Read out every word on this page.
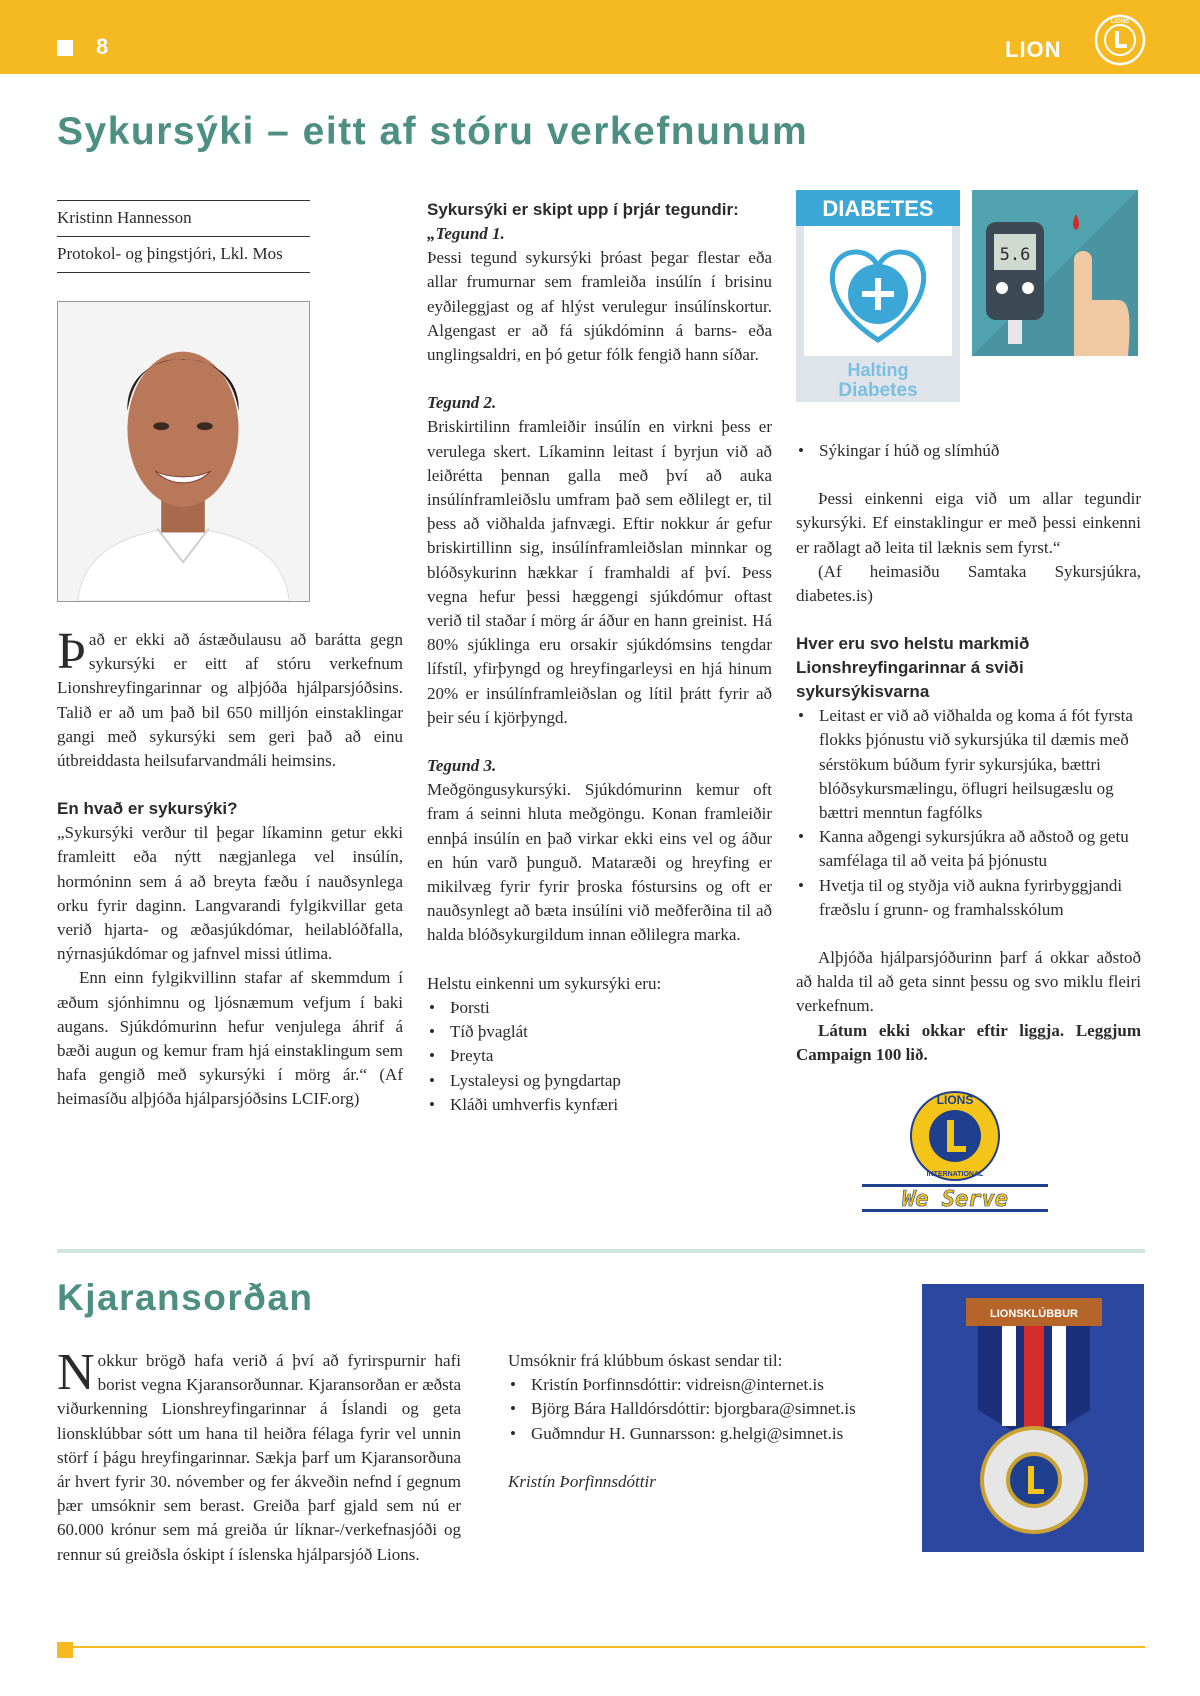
8	LION
LIONS
Sykursýki – eitt af stóru verkefnunum
Kristinn Hannesson
Protokol- og þingstjóri, Lkl. Mos

Það er ekki að ástæðulausu að barátta gegn sykursýki er eitt af stóru verkefnum Lionshreyfingarinnar og alþjóða hjálparsjóðsins. Talið er að um það bil 650 milljón einstaklingar gangi með sykursýki sem geri það að einu útbreiddasta heilsufarvandmáli heimsins.

En hvað er sykursýki?

„Sykursýki verður til þegar líkaminn getur ekki framleitt eða nýtt nægjanlega vel insúlín, hormóninn sem á að breyta fæðu í nauðsynlega orku fyrir daginn. Langvarandi fylgikvillar geta verið hjarta- og æðasjúkdómar, heilablóðfalla, nýrnasjúkdómar og jafnvel missi útlima.

Enn einn fylgikvillinn stafar af skemmdum í æðum sjónhimnu og ljósnæmum vefjum í baki augans. Sjúkdómurinn hefur venjulega áhrif á bæði augun og kemur fram hjá einstaklingum sem hafa gengið með sykursýki í mörg ár.“ (Af heimasíðu alþjóða hjálparsjóðsins LCIF.org)

Sykursýki er skipt upp í þrjár tegundir:

„Tegund 1.

Þessi tegund sykursýki þróast þegar flestar eða allar frumurnar sem framleiða insúlín í brisinu eyðileggjast og af hlýst verulegur insúlínskortur. Algengast er að fá sjúkdóminn á barns- eða unglingsaldri, en þó getur fólk fengið hann síðar.

Tegund 2.

Briskirtilinn framleiðir insúlín en virkni þess er verulega skert. Líkaminn leitast í byrjun við að leiðrétta þennan galla með því að auka insúlínframleiðslu umfram það sem eðlilegt er, til þess að viðhalda jafnvægi. Eftir nokkur ár gefur briskirtillinn sig, insúlínframleiðslan minnkar og blóðsykurinn hækkar í framhaldi af því. Þess vegna hefur þessi hæggengi sjúkdómur oftast verið til staðar í mörg ár áður en hann greinist. Há 80% sjúklinga eru orsakir sjúkdómsins tengdar lífstíl, yfirþyngd og hreyfingarleysi en hjá hinum 20% er insúlínframleiðslan og lítil þrátt fyrir að þeir séu í kjörþyngd.

Tegund 3.

Meðgöngusykursýki. Sjúkdómurinn kemur oft fram á seinni hluta meðgöngu. Konan framleiðir ennþá insúlín en það virkar ekki eins vel og áður en hún varð þunguð. Mataræði og hreyfing er mikilvæg fyrir fyrir þroska fóstursins og oft er nauðsynlegt að bæta insúlíni við meðferðina til að halda blóðsykurgildum innan eðlilegra marka.

Helstu einkenni um sykursýki eru:

• Þorsti
• Tíð þvaglát
• Þreyta
• Lystaleysi og þyngdartap
• Kláði umhverfis kynfæri
DIABETES
Halting
Diabetes
5.6
• Sýkingar í húð og slímhúð

Þessi einkenni eiga við um allar tegundir sykursýki. Ef einstaklingur er með þessi einkenni er raðlagt að leita til læknis sem fyrst.“

(Af heimasiðu Samtaka Sykursjúkra, diabetes.is)

Hver eru svo helstu markmið Lionshreyfingarinnar á sviði sykursýkisvarna

• Leitast er við að viðhalda og koma á fót fyrsta flokks þjónustu við sykursjúka til dæmis með sérstökum búðum fyrir sykursjúka, bættri blóðsykursmælingu, öflugri heilsugæslu og bættri menntun fagfólks
• Kanna aðgengi sykursjúkra að aðstoð og getu samfélaga til að veita þá þjónustu
• Hvetja til og styðja við aukna fyrirbyggjandi fræðslu í grunn- og framhalsskólum

Alþjóða hjálparsjóðurinn þarf á okkar aðstoð að halda til að geta sinnt þessu og svo miklu fleiri verkefnum.

Látum ekki okkar eftir liggja. Leggjum Campaign 100 lið.

LIONS
INTERNATIONAL
We Serve
Kjaransorðan

Nokkur brögð hafa verið á því að fyrirspurnir hafi borist vegna Kjaransorðunnar. Kjaransorðan er æðsta viðurkenning Lionshreyfingarinnar á Íslandi og geta lionsklúbbar sótt um hana til heiðra félaga fyrir vel unnin störf í þágu hreyfingarinnar. Sækja þarf um Kjaransorðuna ár hvert fyrir 30. nóvember og fer ákveðin nefnd í gegnum þær umsóknir sem berast. Greiða þarf gjald sem nú er 60.000 krónur sem má greiða úr líknar-/verkefnasjóði og rennur sú greiðsla óskipt í íslenska hjálparsjóð Lions.

Umsóknir frá klúbbum óskast sendar til:

• Kristín Þorfinnsdóttir: vidreisn@internet.is
• Björg Bára Halldórsdóttir: bjorgbara@simnet.is
• Guðmndur H. Gunnarsson: g.helgi@simnet.is

Kristín Þorfinnsdóttir

LIONSKLÚBBUR
